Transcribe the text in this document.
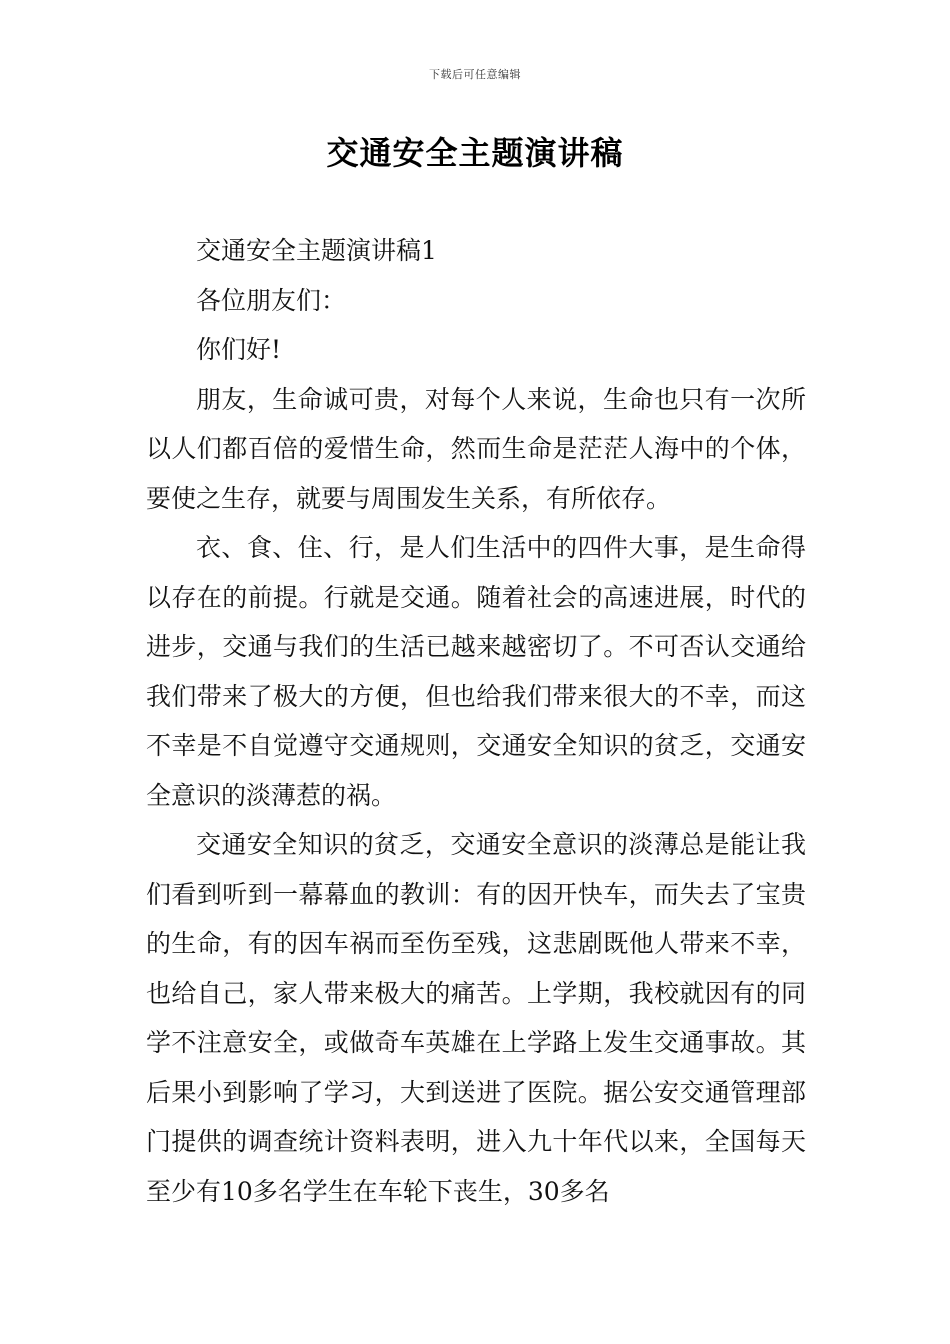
下载后可任意编辑
交通安全主题演讲稿

交通安全主题演讲稿1

各位朋友们：

你们好!

朋友，生命诚可贵，对每个人来说，生命也只有一次所以人们都百倍的爱惜生命，然而生命是茫茫人海中的个体，要使之生存，就要与周围发生关系，有所依存。

衣、食、住、行，是人们生活中的四件大事，是生命得以存在的前提。行就是交通。随着社会的高速进展，时代的进步，交通与我们的生活已越来越密切了。不可否认交通给我们带来了极大的方便，但也给我们带来很大的不幸，而这不幸是不自觉遵守交通规则，交通安全知识的贫乏，交通安全意识的淡薄惹的祸。

交通安全知识的贫乏，交通安全意识的淡薄总是能让我们看到听到一幕幕血的教训：有的因开快车，而失去了宝贵的生命，有的因车祸而至伤至残，这悲剧既他人带来不幸，也给自己，家人带来极大的痛苦。上学期，我校就因有的同学不注意安全，或做奇车英雄在上学路上发生交通事故。其后果小到影响了学习，大到送进了医院。据公安交通管理部门提供的调查统计资料表明，进入九十年代以来，全国每天至少有10多名学生在车轮下丧生，30多名
